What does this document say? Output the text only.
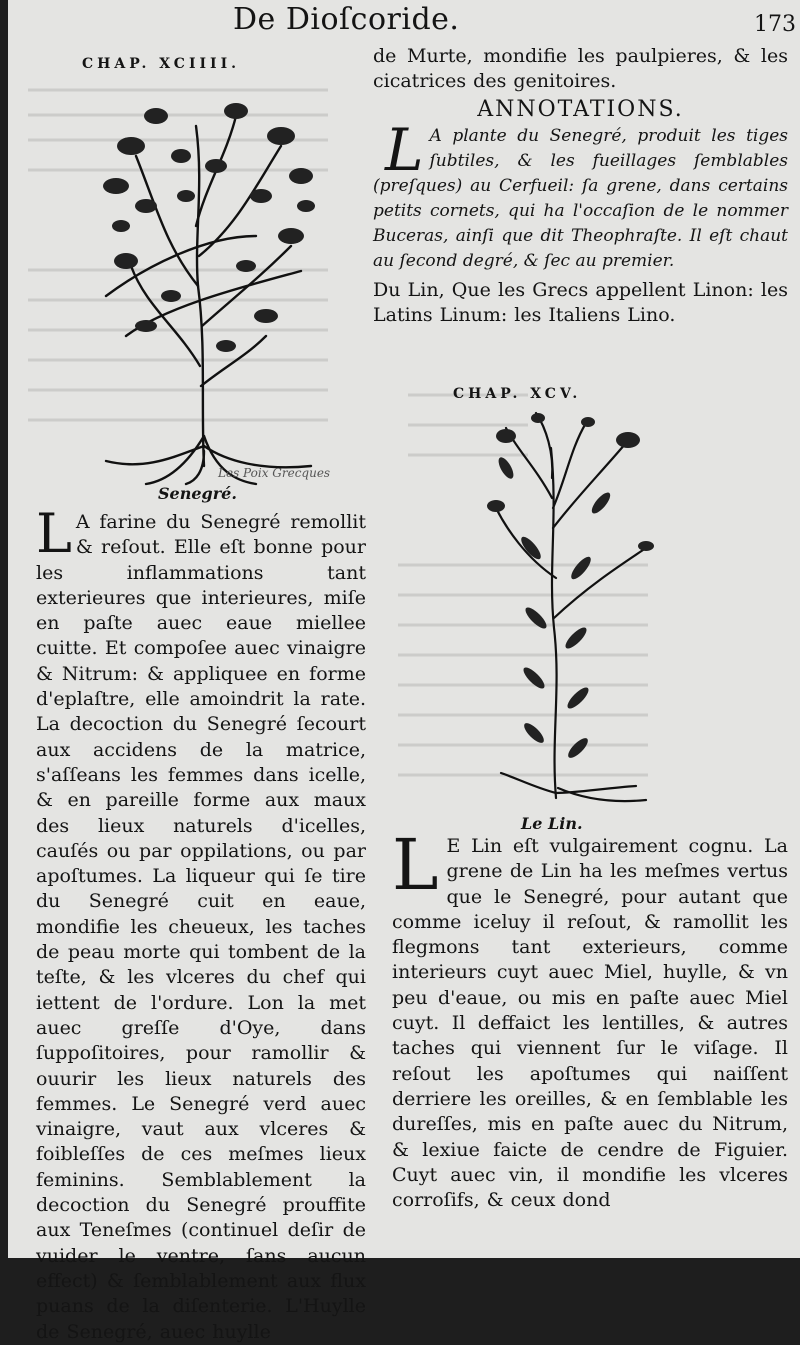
De Dioſcoride.	173
CHAP. XCIIII.
Les Poix Grecques
Senegré.
L A farine du Senegré remollit & reſout. Elle eſt bonne pour les inflammations tant exterieures que interieures, miſe en paſte auec eaue miellee cuitte. Et compoſee auec vinaigre & Nitrum: & appliquee en forme d'eplaſtre, elle amoindrit la rate. La decoction du Senegré ſecourt aux accidens de la matrice, s'aſſeans les femmes dans icelle, & en pareille forme aux maux des lieux naturels d'icelles, cauſés ou par oppilations, ou par apoſtumes. La liqueur qui ſe tire du Senegré cuit en eaue, mondifie les cheueux, les taches de peau morte qui tombent de la teſte, & les vlceres du chef qui iettent de l'ordure. Lon la met auec greſſe d'Oye, dans ſuppoſitoires, pour ramollir & ouurir les lieux naturels des femmes. Le Senegré verd auec vinaigre, vaut aux vlceres & foibleſſes de ces meſmes lieux feminins. Semblablement la decoction du Senegré prouffite aux Teneſmes (continuel deſir de vuider le ventre, ſans aucun effect) & ſemblablement aux flux puans de la diſenterie. L'Huylle de Senegré, auec huylle
de Murte, mondifie les paulpieres, & les cicatrices des genitoires.
ANNOTATIONS.
L A plante du Senegré, produit les tiges ſubtiles, & les fueillages ſemblables (preſques) au Cerfueil: ſa grene, dans certains petits cornets, qui ha l'occaſion de le nommer Buceras, ainſi que dit Theophraſte. Il eſt chaut au ſecond degré, & ſec au premier.
Du Lin, Que les Grecs appellent Linon: les Latins Linum: les Italiens Lino.
CHAP. XCV.
Le Lin.
L E Lin eſt vulgairement cognu. La grene de Lin ha les meſmes vertus que le Senegré, pour autant que comme iceluy il reſout, & ramollit les flegmons tant exterieurs, comme interieurs cuyt auec Miel, huylle, & vn peu d'eaue, ou mis en paſte auec Miel cuyt. Il deffaict les lentilles, & autres taches qui viennent ſur le viſage. Il reſout les apoſtumes qui naiſſent derriere les oreilles, & en ſemblable les dureſſes, mis en paſte auec du Nitrum, & lexiue faicte de cendre de Figuier. Cuyt auec vin, il mondifie les vlceres corroſifs, & ceux dond
